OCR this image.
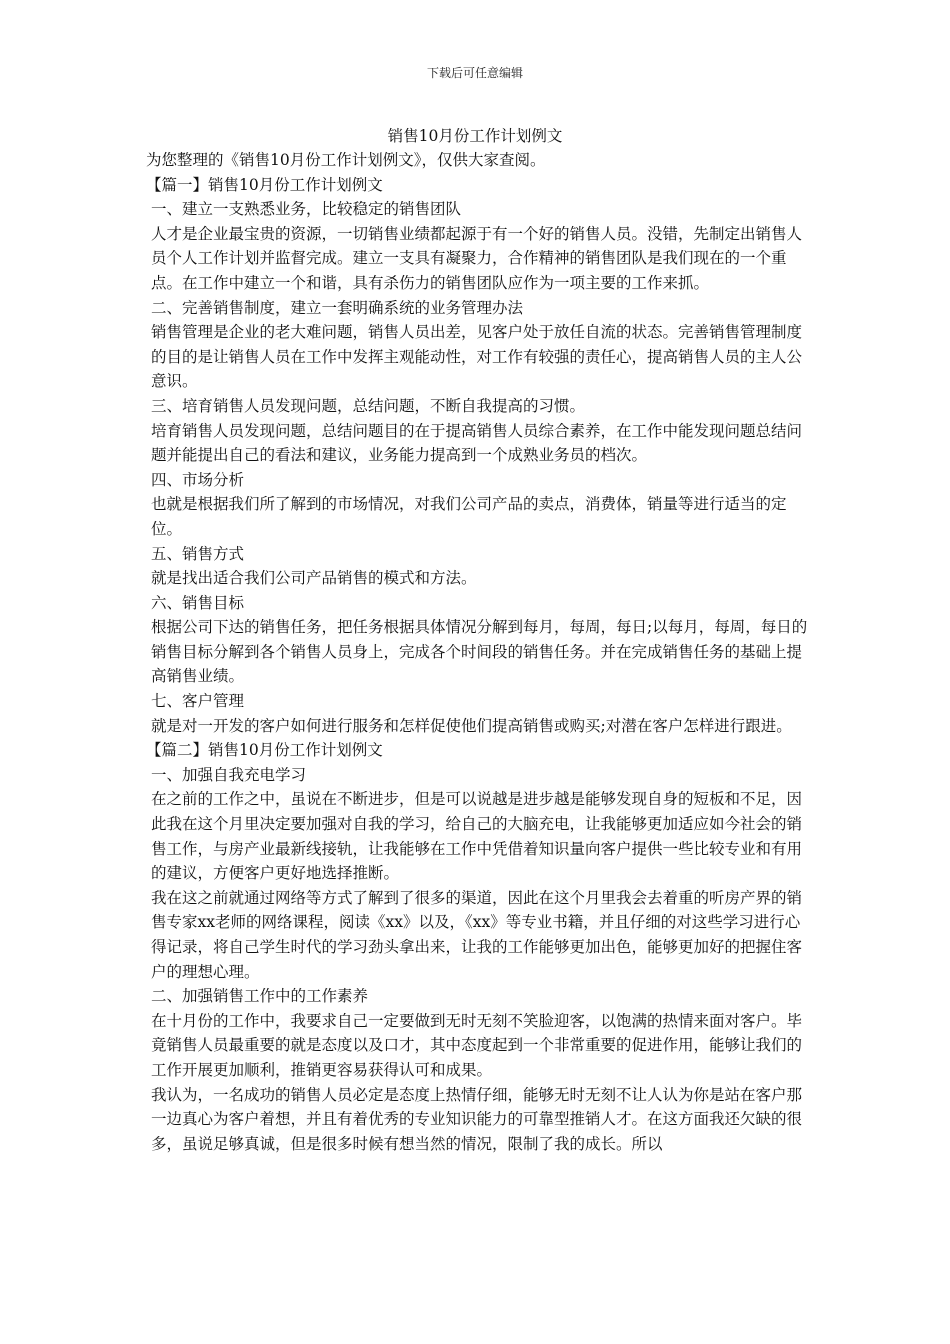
下载后可任意编辑
销售10月份工作计划例文

为您整理的《销售10月份工作计划例文》，仅供大家查阅。

【篇一】销售10月份工作计划例文

一、建立一支熟悉业务，比较稳定的销售团队

人才是企业最宝贵的资源，一切销售业绩都起源于有一个好的销售人员。没错，先制定出销售人员个人工作计划并监督完成。建立一支具有凝聚力，合作精神的销售团队是我们现在的一个重点。在工作中建立一个和谐，具有杀伤力的销售团队应作为一项主要的工作来抓。

二、完善销售制度，建立一套明确系统的业务管理办法

销售管理是企业的老大难问题，销售人员出差，见客户处于放任自流的状态。完善销售管理制度的目的是让销售人员在工作中发挥主观能动性，对工作有较强的责任心，提高销售人员的主人公意识。

三、培育销售人员发现问题，总结问题，不断自我提高的习惯。

培育销售人员发现问题，总结问题目的在于提高销售人员综合素养，在工作中能发现问题总结问题并能提出自己的看法和建议，业务能力提高到一个成熟业务员的档次。

四、市场分析

也就是根据我们所了解到的市场情况，对我们公司产品的卖点，消费体，销量等进行适当的定位。

五、销售方式

就是找出适合我们公司产品销售的模式和方法。

六、销售目标

根据公司下达的销售任务，把任务根据具体情况分解到每月，每周，每日;以每月，每周，每日的销售目标分解到各个销售人员身上，完成各个时间段的销售任务。并在完成销售任务的基础上提高销售业绩。

七、客户管理

就是对一开发的客户如何进行服务和怎样促使他们提高销售或购买;对潜在客户怎样进行跟进。

【篇二】销售10月份工作计划例文

一、加强自我充电学习

在之前的工作之中，虽说在不断进步，但是可以说越是进步越是能够发现自身的短板和不足，因此我在这个月里决定要加强对自我的学习，给自己的大脑充电，让我能够更加适应如今社会的销售工作，与房产业最新线接轨，让我能够在工作中凭借着知识量向客户提供一些比较专业和有用的建议，方便客户更好地选择推断。

我在这之前就通过网络等方式了解到了很多的渠道，因此在这个月里我会去着重的听房产界的销售专家xx老师的网络课程，阅读《xx》以及，《xx》等专业书籍，并且仔细的对这些学习进行心得记录，将自己学生时代的学习劲头拿出来，让我的工作能够更加出色，能够更加好的把握住客户的理想心理。

二、加强销售工作中的工作素养

在十月份的工作中，我要求自己一定要做到无时无刻不笑脸迎客，以饱满的热情来面对客户。毕竟销售人员最重要的就是态度以及口才，其中态度起到一个非常重要的促进作用，能够让我们的工作开展更加顺利，推销更容易获得认可和成果。

我认为，一名成功的销售人员必定是态度上热情仔细，能够无时无刻不让人认为你是站在客户那一边真心为客户着想，并且有着优秀的专业知识能力的可靠型推销人才。在这方面我还欠缺的很多，虽说足够真诚，但是很多时候有想当然的情况，限制了我的成长。所以
